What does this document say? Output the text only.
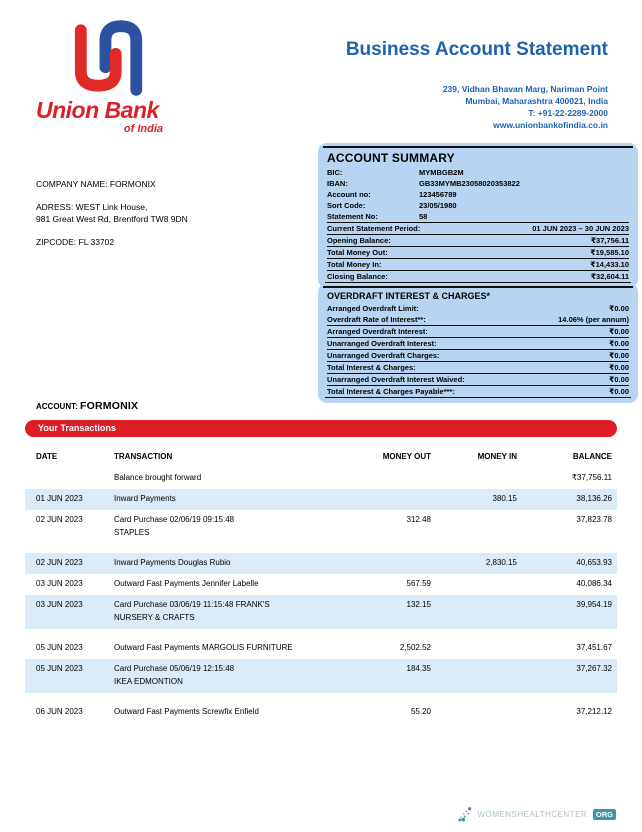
Union Bank
of India
Business Account Statement
239, Vidhan Bhavan Marg, Nariman Point
Mumbai, Maharashtra 400021, India
T: +91-22-2289-2000
www.unionbankofindia.co.in
COMPANY NAME: FORMONIX
ADRESS: WEST Link House,
981 Great West Rd, Brentford TW8 9DN
ZIPCODE: FL 33702
ACCOUNT SUMMARY
BIC:	MYMBGB2M
IBAN:	GB33MYMB23058020353822
Account no:	123456789
Sort Code:	23/05/1980
Statement No:	58
Current Statement Period:	01 JUN 2023 – 30 JUN 2023
Opening Balance:	₹37,756.11
Total Money Out:	₹19,585.10
Total Money In:	₹14,433.10
Closing Balance:	₹32,604.11
OVERDRAFT INTEREST & CHARGES*
Arranged Overdraft Limit:	₹0.00
Overdraft Rate of Interest**:	14.06% (per annum)
Arranged Overdraft Interest:	₹0.00
Unarranged Overdraft Interest:	₹0.00
Unarranged Overdraft Charges:	₹0.00
Total Interest & Charges:	₹0.00
Unarranged Overdraft Interest Waived:	₹0.00
Total Interest & Charges Payable***:	₹0.00
ACCOUNT: FORMONIX
Your Transactions
DATE	TRANSACTION	MONEY OUT	MONEY IN	BALANCE
	Balance brought forward			₹37,756.11
01 JUN 2023	Inward Payments		380.15	38,136.26
02 JUN 2023	Card Purchase 02/06/19 09:15:48
STAPLES	312.48		37,823.78

02 JUN 2023	Inward Payments Douglas Rubio		2,830.15	40,653.93
03 JUN 2023	Outward Fast Payments Jennifer Labelle	567.59		40,086.34
03 JUN 2023	Card Purchase 03/06/19 11:15:48 FRANK'S
NURSERY & CRAFTS	132.15		39,954.19

05 JUN 2023	Outward Fast Payments MARGOLIS FURNITURE	2,502.52		37,451.67
05 JUN 2023	Card Purchase 05/06/19 12:15:48
IKEA EDMONTION	184.35		37,267.32

06 JUN 2023	Outward Fast Payments Screwfix Enfield	55.20		37,212.12
WOMENSHEALTHCENTER. ORG
